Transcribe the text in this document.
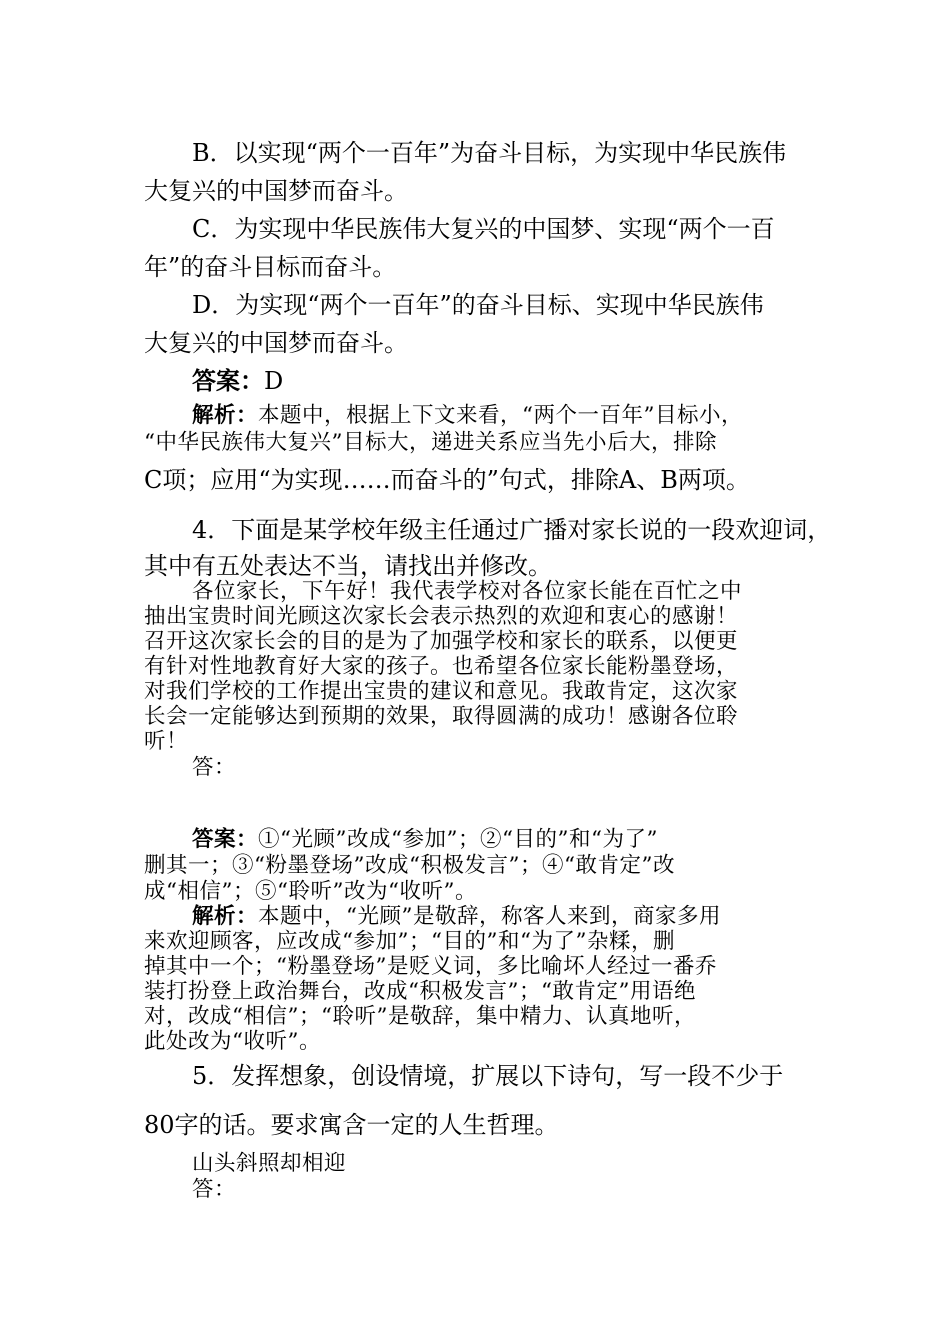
B．以实现“两个一百年”为奋斗目标，为实现中华民族伟
大复兴的中国梦而奋斗。
C．为实现中华民族伟大复兴的中国梦、实现“两个一百
年”的奋斗目标而奋斗。
D．为实现“两个一百年”的奋斗目标、实现中华民族伟
大复兴的中国梦而奋斗。
答案：D
解析：本题中，根据上下文来看，“两个一百年”目标小，
“中华民族伟大复兴”目标大，递进关系应当先小后大，排除
C项；应用“为实现……而奋斗的”句式，排除A、B两项。
4．下面是某学校年级主任通过广播对家长说的一段欢迎词，
其中有五处表达不当，请找出并修改。
各位家长，下午好！我代表学校对各位家长能在百忙之中
抽出宝贵时间光顾这次家长会表示热烈的欢迎和衷心的感谢！
召开这次家长会的目的是为了加强学校和家长的联系，以便更
有针对性地教育好大家的孩子。也希望各位家长能粉墨登场，
对我们学校的工作提出宝贵的建议和意见。我敢肯定，这次家
长会一定能够达到预期的效果，取得圆满的成功！感谢各位聆
听！
答：
答案：①“光顾”改成“参加”；②“目的”和“为了”
删其一；③“粉墨登场”改成“积极发言”；④“敢肯定”改
成“相信”；⑤“聆听”改为“收听”。
解析：本题中，“光顾”是敬辞，称客人来到，商家多用
来欢迎顾客，应改成“参加”；“目的”和“为了”杂糅，删
掉其中一个；“粉墨登场”是贬义词，多比喻坏人经过一番乔
装打扮登上政治舞台，改成“积极发言”；“敢肯定”用语绝
对，改成“相信”；“聆听”是敬辞，集中精力、认真地听，
此处改为“收听”。
5．发挥想象，创设情境，扩展以下诗句，写一段不少于
80字的话。要求寓含一定的人生哲理。
山头斜照却相迎
答：
